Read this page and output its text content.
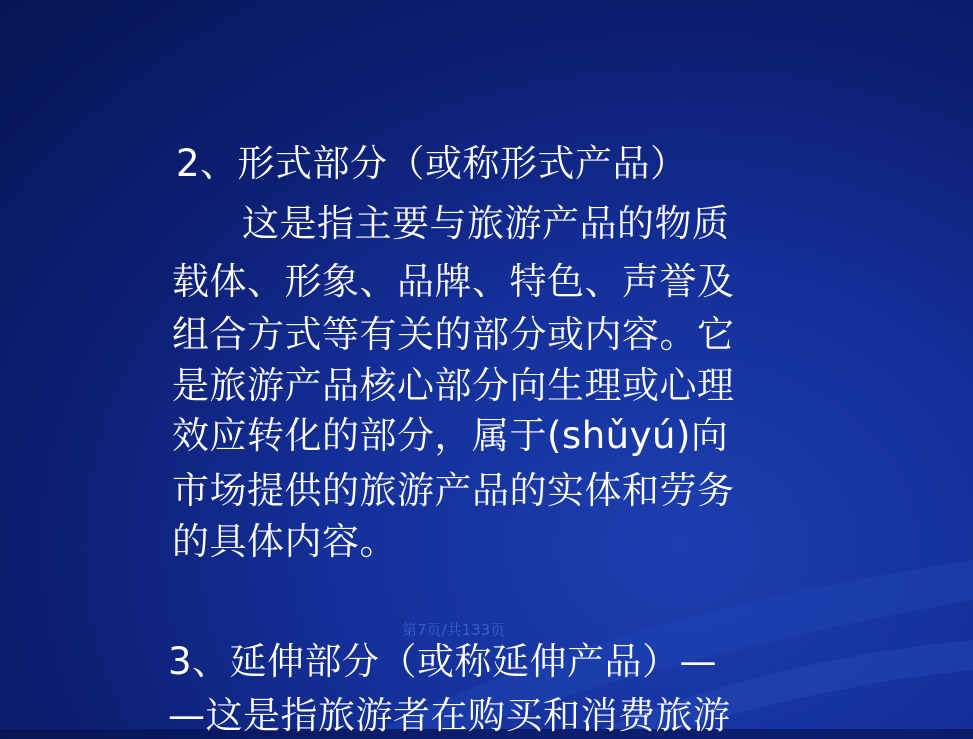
2、形式部分（或称形式产品）
这是指主要与旅游产品的物质
载体、形象、品牌、特色、声誉及
组合方式等有关的部分或内容。它
是旅游产品核心部分向生理或心理
效应转化的部分，属于(shǔyú)向
市场提供的旅游产品的实体和劳务
的具体内容。
第7页/共133页
3、延伸部分（或称延伸产品）—
—这是指旅游者在购买和消费旅游
